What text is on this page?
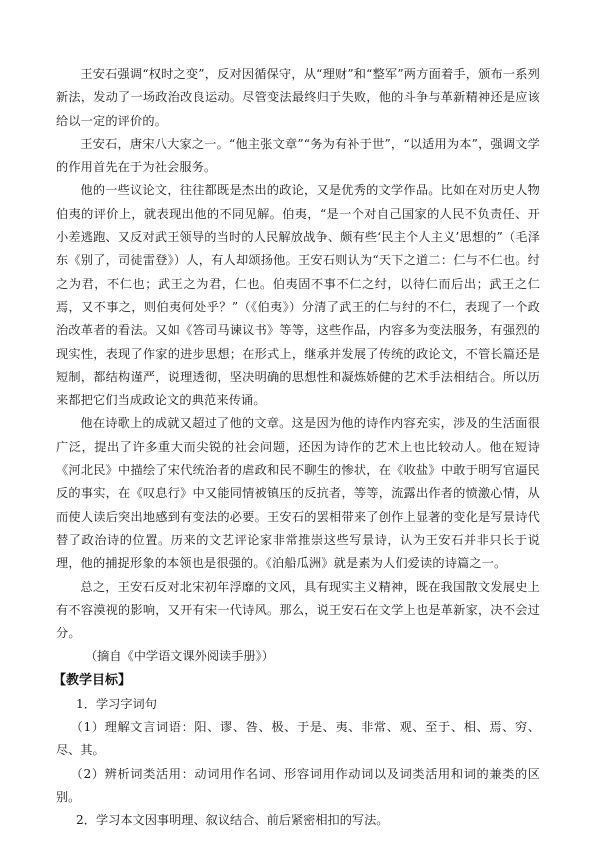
王安石强调“权时之变”，反对因循保守，从“理财”和“整军”两方面着手，颁布一系列新法，发动了一场政治改良运动。尽管变法最终归于失败，他的斗争与革新精神还是应该给以一定的评价的。

王安石，唐宋八大家之一。“他主张文章”“务为有补于世”，“以适用为本”，强调文学的作用首先在于为社会服务。

他的一些议论文，往往都既是杰出的政论，又是优秀的文学作品。比如在对历史人物伯夷的评价上，就表现出他的不同见解。伯夷，“是一个对自己国家的人民不负责任、开小差逃跑、又反对武王领导的当时的人民解放战争、颇有些‘民主个人主义’思想的”（毛泽东《别了，司徒雷登》）人，有人却颂扬他。王安石则认为“天下之道二：仁与不仁也。纣之为君，不仁也；武王之为君，仁也。伯夷固不事不仁之纣，以待仁而后出；武王之仁焉，又不事之，则伯夷何处乎？”（《伯夷》）分清了武王的仁与纣的不仁，表现了一个政治改革者的看法。又如《答司马谏议书》等等，这些作品，内容多为变法服务，有强烈的现实性，表现了作家的进步思想；在形式上，继承并发展了传统的政论文，不管长篇还是短制，都结构谨严，说理透彻，坚决明确的思想性和凝炼娇健的艺术手法相结合。所以历来都把它们当成政论文的典范来传诵。

他在诗歌上的成就又超过了他的文章。这是因为他的诗作内容充实，涉及的生活面很广泛，提出了许多重大而尖锐的社会问题，还因为诗作的艺术上也比较动人。他在短诗《河北民》中描绘了宋代统治者的虐政和民不聊生的惨状，在《收盐》中敢于明写官逼民反的事实，在《叹息行》中又能同情被镇压的反抗者，等等，流露出作者的愤激心情，从而使人读后突出地感到有变法的必要。王安石的罢相带来了创作上显著的变化是写景诗代替了政治诗的位置。历来的文艺评论家非常推崇这些写景诗，认为王安石并非只长于说理，他的捕捉形象的本领也是很强的。《泊船瓜洲》就是素为人们爱读的诗篇之一。

总之，王安石反对北宋初年浮靡的文风，具有现实主义精神，既在我国散文发展史上有不容漠视的影响，又开有宋一代诗风。那么，说王安石在文学上也是革新家，决不会过分。

（摘自《中学语文课外阅读手册》）

【教学目标】

1．学习字词句

（1）理解文言词语：阳、谬、咎、极、于是、夷、非常、观、至于、相、焉、穷、尽、其。

（2）辨析词类活用：动词用作名词、形容词用作动词以及词类活用和词的兼类的区别。

2．学习本文因事明理、叙议结合、前后紧密相扣的写法。
